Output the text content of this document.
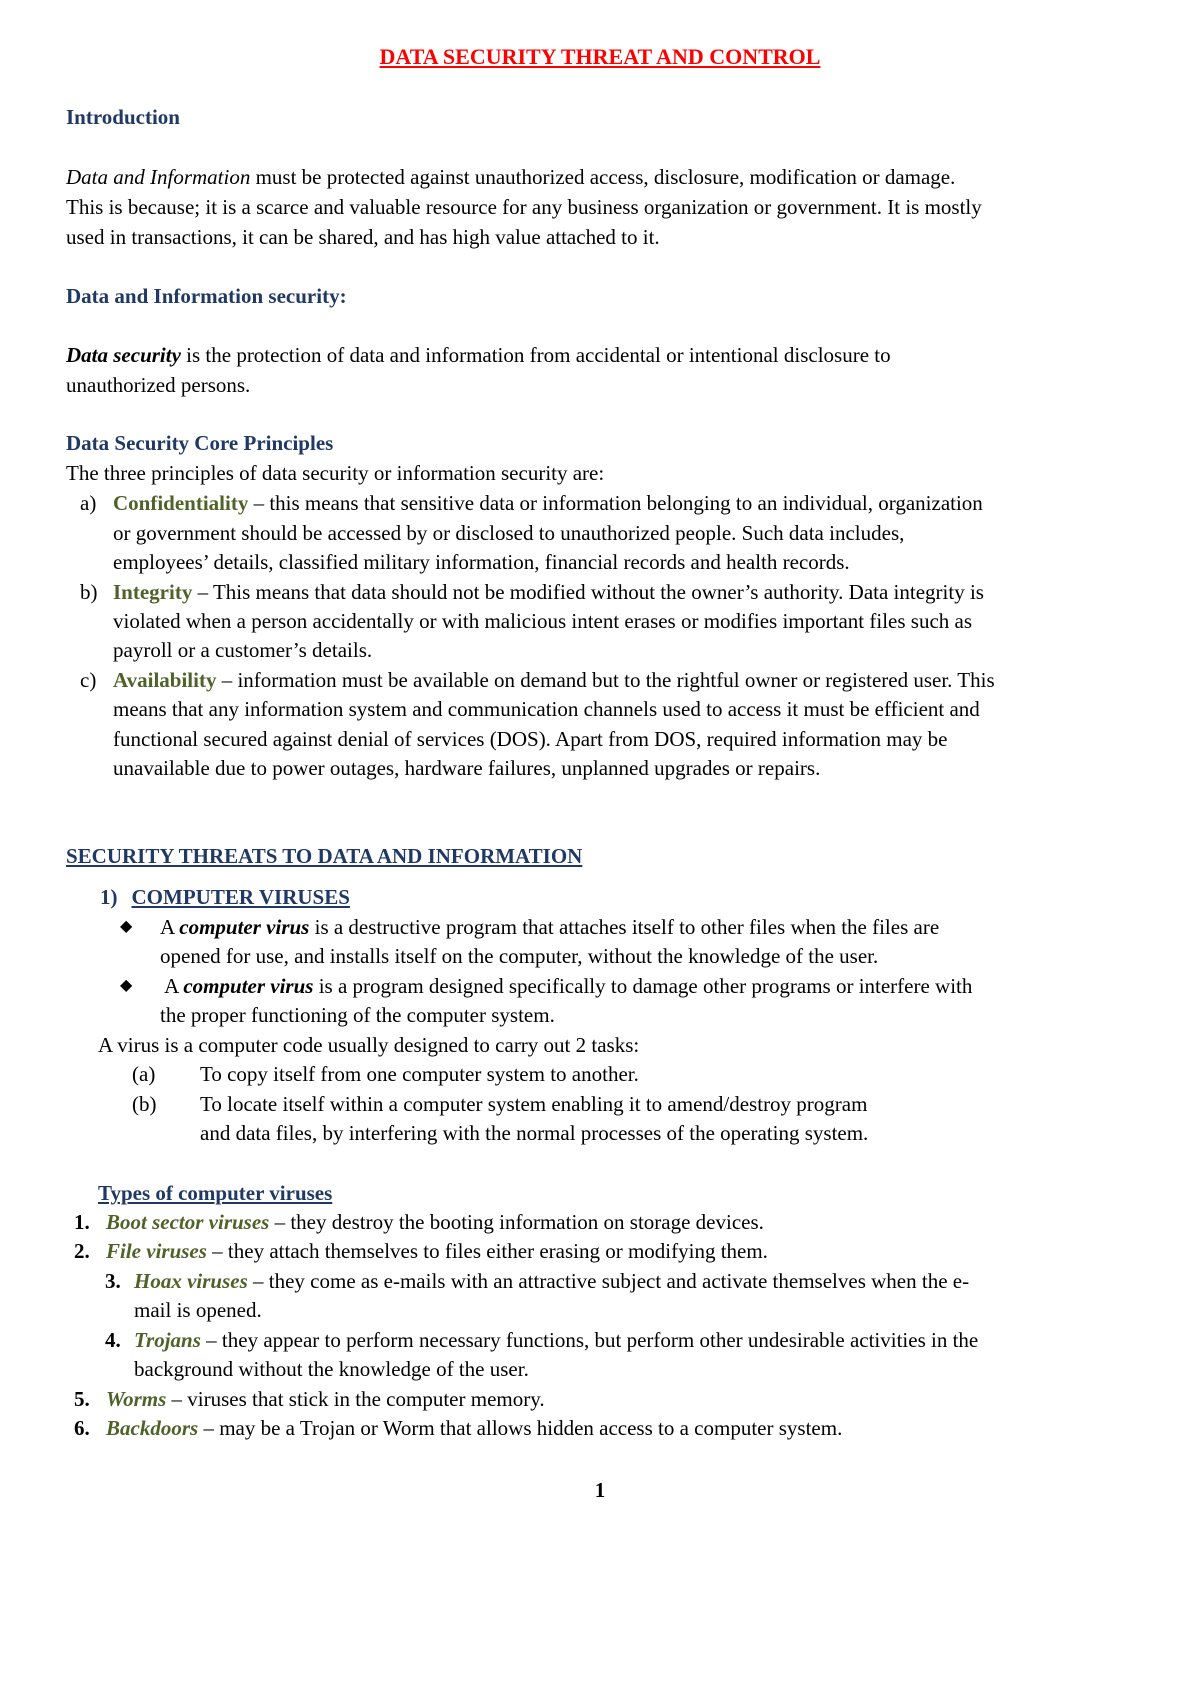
DATA SECURITY THREAT AND CONTROL
Introduction
Data and Information must be protected against unauthorized access, disclosure, modification or damage.
This is because; it is a scarce and valuable resource for any business organization or government. It is mostly
used in transactions, it can be shared, and has high value attached to it.
Data and Information security:
Data security is the protection of data and information from accidental or intentional disclosure to
unauthorized persons.
Data Security Core Principles
The three principles of data security or information security are:
a) Confidentiality – this means that sensitive data or information belonging to an individual, organization
or government should be accessed by or disclosed to unauthorized people. Such data includes,
employees’ details, classified military information, financial records and health records.
b) Integrity – This means that data should not be modified without the owner’s authority. Data integrity is
violated when a person accidentally or with malicious intent erases or modifies important files such as
payroll or a customer’s details.
c) Availability – information must be available on demand but to the rightful owner or registered user. This
means that any information system and communication channels used to access it must be efficient and
functional secured against denial of services (DOS). Apart from DOS, required information may be
unavailable due to power outages, hardware failures, unplanned upgrades or repairs.
SECURITY THREATS TO DATA AND INFORMATION
1) COMPUTER VIRUSES
◆ A computer virus is a destructive program that attaches itself to other files when the files are
opened for use, and installs itself on the computer, without the knowledge of the user.
◆ A computer virus is a program designed specifically to damage other programs or interfere with
the proper functioning of the computer system.
A virus is a computer code usually designed to carry out 2 tasks:
(a) To copy itself from one computer system to another.
(b) To locate itself within a computer system enabling it to amend/destroy program
and data files, by interfering with the normal processes of the operating system.
Types of computer viruses
1. Boot sector viruses – they destroy the booting information on storage devices.
2. File viruses – they attach themselves to files either erasing or modifying them.
3. Hoax viruses – they come as e-mails with an attractive subject and activate themselves when the e-
mail is opened.
4. Trojans – they appear to perform necessary functions, but perform other undesirable activities in the
background without the knowledge of the user.
5. Worms – viruses that stick in the computer memory.
6. Backdoors – may be a Trojan or Worm that allows hidden access to a computer system.
1
